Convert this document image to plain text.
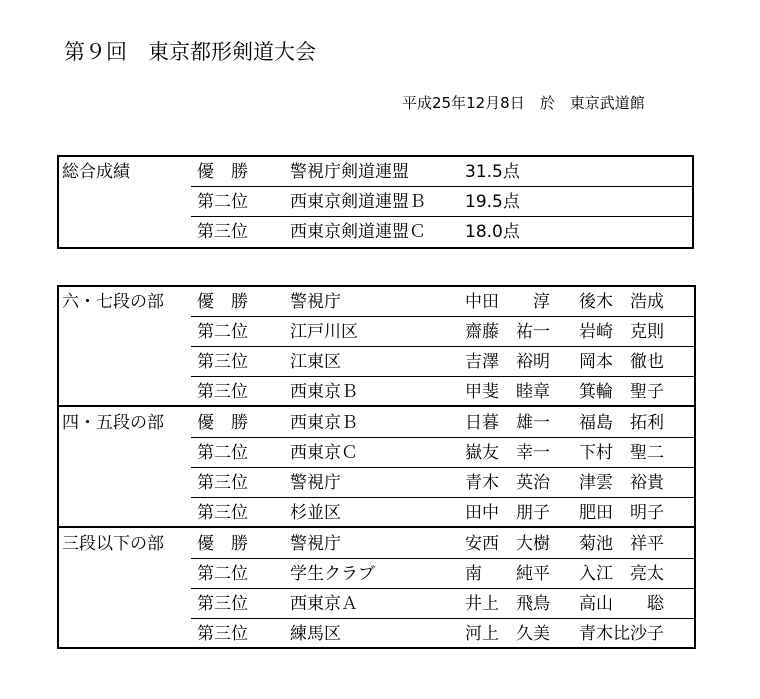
第９回　東京都形剣道大会
平成25年12月8日　於　東京武道館
総合成績	優　勝 警視庁剣道連盟	31.5点
第二位 西東京剣道連盟Ｂ 19.5点
第三位 西東京剣道連盟Ｃ 18.0点
六・七段の部 優　勝 警視庁	中田　　淳 後木　浩成
第二位 江戸川区	齋藤　祐一 岩崎　克則
第三位 江東区	吉澤　裕明 岡本　徹也
第三位 西東京Ｂ	甲斐　睦章 箕輪　聖子
四・五段の部 優　勝 西東京Ｂ	日暮　雄一 福島　拓利
第二位 西東京Ｃ	嶽友　幸一 下村　聖二
第三位 警視庁	青木　英治 津雲　裕貴
第三位 杉並区	田中　朋子 肥田　明子
三段以下の部 優　勝 警視庁	安西　大樹 菊池　祥平
第二位 学生クラブ	南　　純平 入江　亮太
第三位 西東京Ａ	井上　飛鳥 高山　　聡
第三位 練馬区	河上　久美 青木比沙子
